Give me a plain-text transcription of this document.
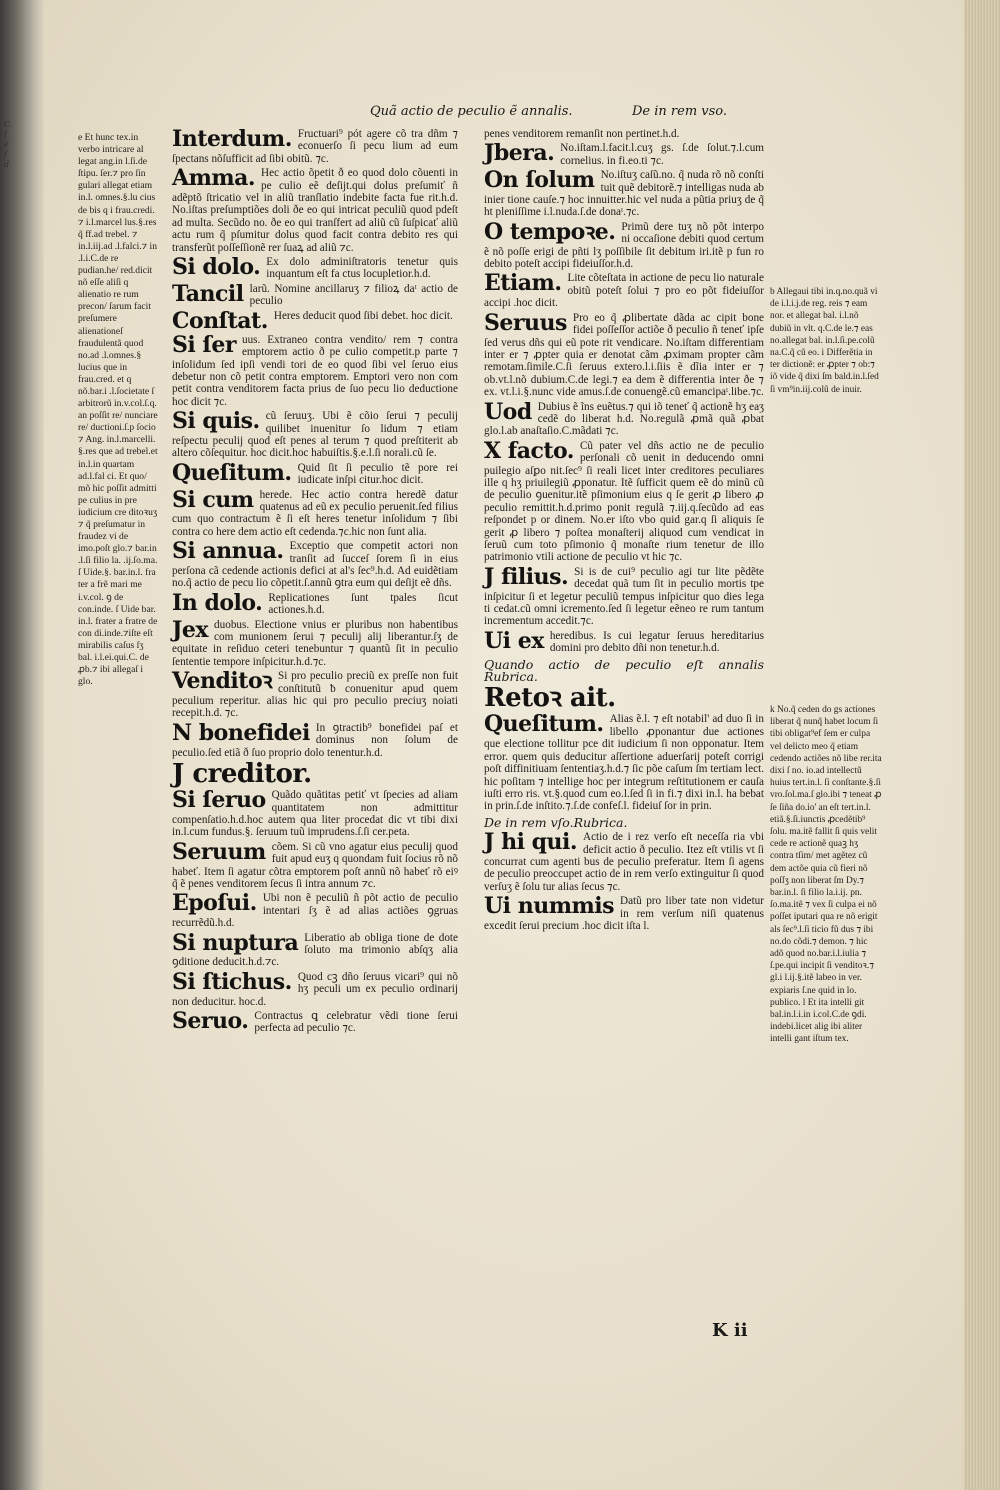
C.
ſ
ẽ
ſ
d
Quã actio de peculio ẽ annalis.	De in rem vso.
e Et hunc tex.in verbo intricare al legat ang.in l.ſi.de ſtipu. ſer.⁊ pro ſin gulari allegat etiam in.l. omnes.§.lu cius de bis q i frau.credi. ⁊ i.l.marcel lus.§.res q̃ ff.ad trebel. ⁊ in.l.iij.ad .l.falci.⁊ in .l.i.C.de re pudian.he/ red.dicit nõ eſſe aliſi q alienatio re rum precon/ ſarum facit preſumere alienationeſ fraudulentã quod no.ad .l.omnes.§ lucius que in frau.cred. et q nõ.bar.i .l.ſocietate ſ arbitrorũ in.v.col.ſ.q. an poſſit re/ nunciare re/ ductioni.ſ.p ſocio ⁊ Ang. in.l.marcelli. §.res que ad trebel.et in.l.in quartam ad.l.fal ci. Et quo/ mõ hic poſſit admitti pe culius in pre iudicium cre ditoꝛuʒ ⁊ q̃ preſumatur in fraudez vi de imo.poſt glo.⁊ bar.in .l.ſi filio la. .ij.ſo.ma. ſ Uide.§. bar.in.l. fra ter a frẽ mari me i.v.col. ꝯ de con.inde. ſ Uide bar. in.l. frater a fratre de con di.inde.⁊iſte eſt mirabilis caſus ſʒ bal. i.l.ei.qui.C. de ꝓb.⁊ ibi allegaſ i glo.
Interdum. Fructuari⁹ pót agere cõ tra dñm ⁊ econuerſo ſi pecu lium ad eum ſpectans nõſufficit ad ſibi obitũ. ⁊c.
Amma. Hec actio õpetit ð eo quod dolo cõuenti in pe culio eẽ deſijt.qui dolus preſumiť ñ adẽptõ ſtricatio vel in aliũ tranſlatio indebite facta fue rit.h.d. No.iſtas preſumptiões doli ðe eo qui intricat peculiũ quod pdeſt ad multa. Secũdo no. ðe eo qui tranſfert ad aliũ cũ ſuſpicať aliũ actu rum q̃ pſumitur dolus quod facit contra debito res qui transferũt poſſeſſionẽ rer ſuaꝝ ad aliũ ⁊c.
Si dolo. Ex dolo adminiſtratoris tenetur quis inquantum eſt fa ctus locupletior.h.d.
Tancil larũ. Nomine ancillaruʒ ⁊ filioꝝ daᵗ actio de peculio
Conſtat. Heres deducit quod ſibi debet. hoc dicit.
Si ſer uus. Extraneo contra vendito/ rem ⁊ contra emptorem actio ð pe culio competit.p parte ⁊ inſolidum ſed ipſi vendi tori de eo quod ſibi vel ſeruo eius debetur non cõ petit contra emptorem. Emptori vero non com petit contra venditorem facta prius de ſuo pecu lio deductione hoc dicit ⁊c.
Si quis. cũ ſeruuʒ. Ubi ẽ cõio ſerui ⁊ peculij quilibet inuenitur ſo lidum ⁊ etiam reſpectu peculij quod eſt penes al terum ⁊ quod preſtiterit ab altero cõſequitur. hoc dicit.hoc habuiſtis.§.e.l.ſi norali.cũ ſe.
Queſitum. Quid ſit ſi peculio tẽ pore rei iudicate inſpi citur.hoc dicit.
Si cum herede. Hec actio contra heredẽ datur quatenus ad eũ ex peculio peruenit.ſed filius cum quo contractum ẽ ſi eſt heres tenetur inſolidum ⁊ ſibi contra co here dem actio eſt cedenda.⁊c.hic non ſunt alia.
Si annua. Exceptio que competit actori non tranſit ad ſucceſ ſorem ſi in eius perſona cã cedende actionis defici at al's ſec⁹.h.d. Ad euidẽtiam no.q̃ actio de pecu lio cõpetit.ſ.annũ ꝯtra eum qui deſijt eẽ dñs.
In dolo. Replicationes ſunt tpales ſicut actiones.h.d.
Jex duobus. Electione vnius er pluribus non habentibus com munionem ſerui ⁊ peculij alij liberantur.ſʒ de equitate in reſiduo ceteri tenebuntur ⁊ quantũ ſit in peculio ſententie tempore inſpicitur.h.d.⁊c.
Venditoꝛ Si pro peculio preciũ ex preſſe non fuit conſtitutũ ƀ conuenitur apud quem peculium reperitur. alias hic qui pro peculio preciuʒ noiati recepit.h.d. ⁊c.
N bonefidei In ꝯtractib⁹ bonefidei paſ et dominus non ſolum de peculio.ſed etiã ð ſuo proprio dolo tenentur.h.d.
J creditor.
Si ſeruo Quãdo quãtitas petiť vt ſpecies ad aliam quantitatem non admittitur compenſatio.h.d.hoc autem qua liter procedat dic vt tibi dixi in.l.cum fundus.§. ſeruum tuũ imprudens.ſ.ſi cer.peta.
Seruum cõem. Si cũ vno agatur eius peculij quod fuit apud euʒ q quondam fuit ſocius rõ nõ habeť. Item ſi agatur cõtra emptorem poſt annũ nõ habeť rõ eiꝰ q̃ ẽ penes venditorem ſecus ſi intra annum ⁊c.
Epoſui. Ubi non ẽ peculiũ ñ põt actio de peculio intentari ſʒ ẽ ad alias actiões ꝯgruas recurrẽdũ.h.d.
Si nuptura Liberatio ab obliga tione de dote ſoluto ma trimonio abſqʒ alia ꝯditione deducit.h.d.⁊c.
Si ſtichus. Quod cꝫ dño ſeruus vicari⁹ qui nõ hʒ peculi um ex peculio ordinarij non deducitur. hoc.d.
Seruo. Contractus ꝗ celebratur vẽdi tione ſerui perfecta ad peculio ⁊c.
penes venditorem remanſit non pertinet.h.d.
Jbera. No.iſtam.l.facit.l.cuʒ gs. ſ.de ſolut.⁊.l.cum cornelius. in fi.eo.ti ⁊c.
On ſolum No.iſtuʒ caſũ.no. q̃ nuda rõ nõ conſti tuit quẽ debitorẽ.⁊ intelligas nuda ab inier tione cauſe.⁊ hoc innuitter.hic vel nuda a pũtia priuʒ de q̃ ht pleniſſime i.l.nuda.ſ.de donaᵗ.⁊c.
O tempoꝛe. Primũ dere tuʒ nõ põt interpo ni occaſione debiti quod certum ẽ nõ poſſe erigi de pñti lʒ poſſibile ſit debitum iri.itẽ p fun ro debito poteſt accipi fideiuſſor.h.d.
Etiam. Lite cõteſtata in actione de pecu lio naturale obitũ poteſt ſolui ⁊ pro eo põt fideiuſſor accipi .hoc dicit.
Seruus Pro eo q̃ ꝓlibertate dãda ac cipit bone fidei poſſeſſor actiõe ð peculio ñ teneť ipſe ſed verus dñs qui eũ pote rit vendicare. No.iſtam differentiam inter er ⁊ ꝓpter quia er denotat cãm ꝓximam propter cãm remotam.ſimile.C.ſi ſeruus extero.l.i.ſiis ẽ dĩia inter er ⁊ ob.vt.l.nõ dubium.C.de legi.⁊ ea dem ẽ differentia inter ðe ⁊ ex. vt.l.i.§.nunc vide amus.ſ.de conuengẽ.cũ emancipaᵗ.libe.⁊c.
Uod Dubius ẽ ĩns euẽtus.⁊ qui iõ teneť q̃ actionẽ hʒ eaʒ cedẽ do liberat h.d. No.regulã ꝓmã quã ꝓbat glo.l.ab anaſtaſio.C.mãdati ⁊c.
X facto. Cũ pater vel dñs actio ne de peculio perſonali cõ uenit in deducendo omni puilegio aſꝑo nit.ſec⁹ ſi reali licet inter creditores peculiares ille q hʒ priuilegiũ ꝓponatur. Itẽ ſufficit quem eẽ do minũ cũ de peculio ꝯuenitur.itẽ pſimonium eius q ſe gerit ꝓ libero ꝓ peculio remittit.h.d.primo ponit regulã ⁊.iij.q.ſecũdo ad eas reſpondet p or dinem. No.er iſto vbo quid gar.q ſi aliquis ſe gerit ꝓ libero ⁊ poſtea monaſterij aliquod cum vendicat in ſeruũ cum toto pſimonio q̃ monaſte rium tenetur de illo patrimonio vtili actione de peculio vt hic ⁊c.
J filius. Si is de cui⁹ peculio agi tur lite pẽdẽte decedat quã tum ſit in peculio mortis tpe inſpicitur ſi et legetur peculiũ tempus inſpicitur quo dies lega ti cedat.cũ omni icremento.ſed ſi legetur eẽneo re rum tantum incrementum accedit.⁊c.
Ui ex heredibus. Is cui legatur ſeruus hereditarius domini pro debito dñi non tenetur.h.d.
Quando actio de peculio eſt annalis Rubrica.
Retoꝛ ait.
Queſitum. Alias ẽ.l. ⁊ eſt notabil' ad duo ſi in libello ꝓponantur due actiones que electione tollitur pce dit iudicium ſi non opponatur. Item error. quem quis deducitur aſſertione aduerſarij poteſt corrigi poſt diffinitiuam ſententiaʒ.h.d.⁊ ſic põe caſum ſm tertiam lect. hic poſitam ⁊ intellige hoc per integrum reſtitutionem er cauſa iuſti erro ris. vt.§.quod cum eo.l.ſed ſi in fi.⁊ dixi in.l. ha bebat in prin.ſ.de inſtito.⁊.ſ.de confeſ.l. fideiuſ ſor in prin.
De in rem vſo.Rubrica.
J hi qui. Actio de i rez verſo eſt neceſſa ria vbi deficit actio ð peculio. Itez eſt vtilis vt ſi concurrat cum agenti bus de peculio preferatur. Item ſi agens de peculio preoccupet actio de in rem verſo extinguitur ſi quod verſuʒ ẽ ſolu tur alias ſecus ⁊c.
Ui nummis Datũ pro liber tate non videtur in rem verſum niſi quatenus excedit ſerui precium .hoc dicit iſta l.
b Allegaui tibi in.q.no.quã vi de i.l.i.j.de reg. reis ⁊ eam nor. et allegat bal. i.l.nõ dubiũ in vlt. q.C.de le.⁊ eas no.allegat bal. in.l.ſi.pe.colũ na.C.q̃ cũ eo. i Differẽtia in ter dictionẽ: er ꝓpter ⁊ ob:⁊ iõ vide q̃ dixi ſm bald.in.l.ſed ſi vm⁹in.iij.colũ de inuir.
k No.q̃ ceden do gs actiones liberat q̃ nunq̃ habet locum ſi tibi obligat⁹ef ſem er culpa vel delicto meo q̃ etiam cedendo actiões nõ libe rer.ita dixi ſ no. io.ad intellectũ huius tert.in.l. ſi conſtante.§.ſi vro.ſol.ma.ſ glo.ibi ⁊ teneat ꝓ ſe ſiña do.io' an eſt tert.in.l. etiã.§.ſi.iunctis ꝓcedẽtib⁹ ſolu. ma.itẽ fallit ſi quis velit cede re actionẽ quaꝫ hʒ contra tſim/ met agẽtez cũ dem actõe quia cũ fieri nõ poſſʒ non liberat ſm Dy.⁊ bar.in.l. ſi filio la.i.ij. pn. ſo.ma.itẽ ⁊ vex ſi culpa ei nõ poſſet iputari qua re nõ erigit als ſec⁹.l.ſi ticio fũ dus ⁊ ibi no.do cõdi.⁊ demon. ⁊ hic adõ quod no.bar.i.l.iulia ⁊ ſ.pe.qui incipit ſi venditoꝛ.⁊ gl.i l.ij.§.itẽ labeo in ver. expiaris ſ.ne quid in lo. publico. l Et ita intelli git bal.in.l.i.in i.col.C.de ꝯdi. indebi.licet alig ibi aliter intelli gant iſtum tex.
K ii
